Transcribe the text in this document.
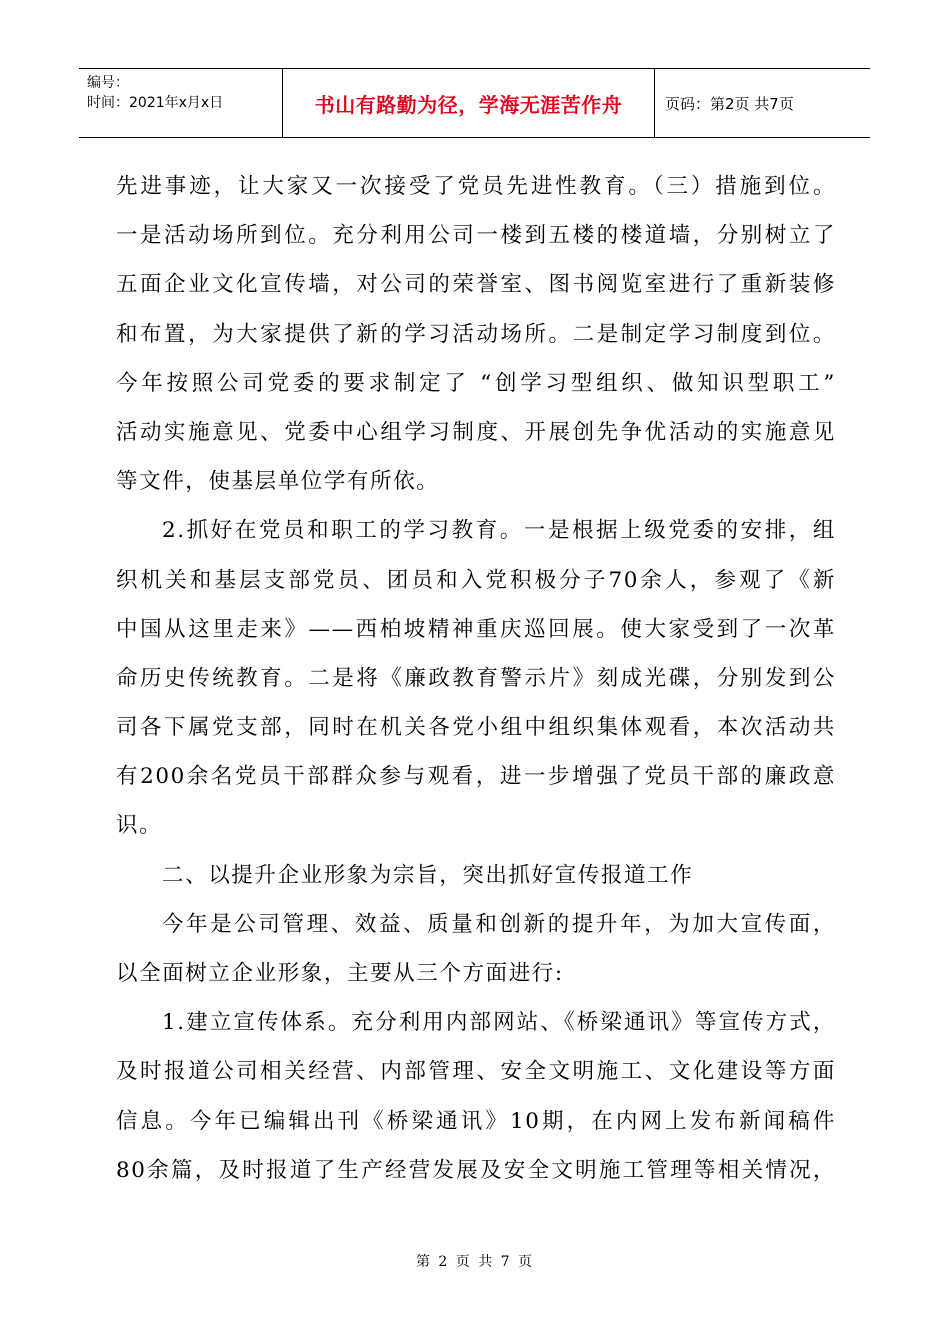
编号：
时间：2021年x月x日	书山有路勤为径，学海无涯苦作舟	页码：第2页 共7页
先进事迹，让大家又一次接受了党员先进性教育。（三）措施到位。
一是活动场所到位。充分利用公司一楼到五楼的楼道墙，分别树立了
五面企业文化宣传墙，对公司的荣誉室、图书阅览室进行了重新装修
和布置，为大家提供了新的学习活动场所。二是制定学习制度到位。
今年按照公司党委的要求制定了 “创学习型组织、做知识型职工”
活动实施意见、党委中心组学习制度、开展创先争优活动的实施意见
等文件，使基层单位学有所依。
2.抓好在党员和职工的学习教育。一是根据上级党委的安排，组
织机关和基层支部党员、团员和入党积极分子70余人，参观了《新
中国从这里走来》——西柏坡精神重庆巡回展。使大家受到了一次革
命历史传统教育。二是将《廉政教育警示片》刻成光碟，分别发到公
司各下属党支部，同时在机关各党小组中组织集体观看，本次活动共
有200余名党员干部群众参与观看，进一步增强了党员干部的廉政意
识。
二、以提升企业形象为宗旨，突出抓好宣传报道工作
今年是公司管理、效益、质量和创新的提升年，为加大宣传面，
以全面树立企业形象，主要从三个方面进行:
1.建立宣传体系。充分利用内部网站、《桥梁通讯》等宣传方式，
及时报道公司相关经营、内部管理、安全文明施工、文化建设等方面
信息。今年已编辑出刊《桥梁通讯》10期，在内网上发布新闻稿件
80余篇，及时报道了生产经营发展及安全文明施工管理等相关情况，
第 2 页 共 7 页
